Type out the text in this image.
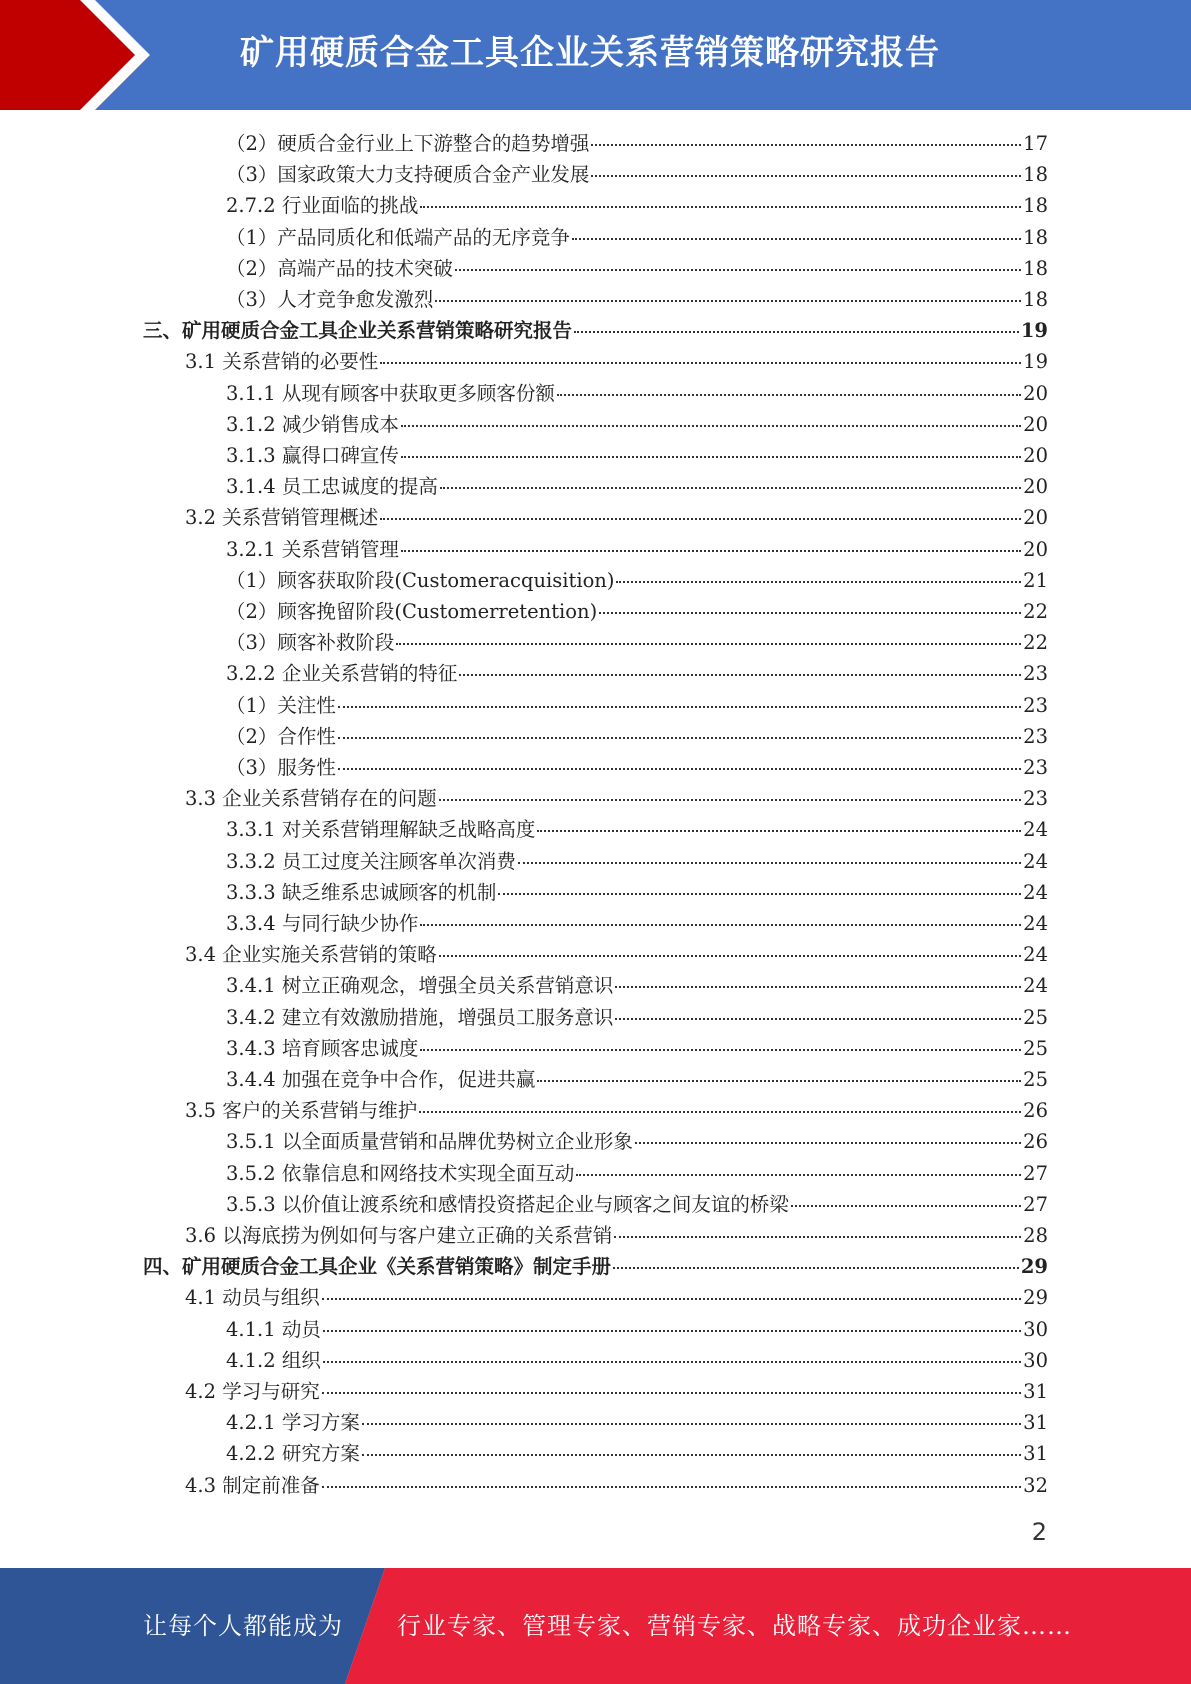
矿用硬质合金工具企业关系营销策略研究报告
（2）硬质合金行业上下游整合的趋势增强	17
（3）国家政策大力支持硬质合金产业发展	18
2.7.2 行业面临的挑战	18
（1）产品同质化和低端产品的无序竞争	18
（2）高端产品的技术突破	18
（3）人才竞争愈发激烈	18
三、矿用硬质合金工具企业关系营销策略研究报告	19
3.1 关系营销的必要性	19
3.1.1 从现有顾客中获取更多顾客份额	20
3.1.2 减少销售成本	20
3.1.3 赢得口碑宣传	20
3.1.4 员工忠诚度的提高	20
3.2 关系营销管理概述	20
3.2.1 关系营销管理	20
（1）顾客获取阶段(Customeracquisition)	21
（2）顾客挽留阶段(Customerretention)	22
（3）顾客补救阶段	22
3.2.2 企业关系营销的特征	23
（1）关注性	23
（2）合作性	23
（3）服务性	23
3.3 企业关系营销存在的问题	23
3.3.1 对关系营销理解缺乏战略高度	24
3.3.2 员工过度关注顾客单次消费	24
3.3.3 缺乏维系忠诚顾客的机制	24
3.3.4 与同行缺少协作	24
3.4 企业实施关系营销的策略	24
3.4.1 树立正确观念，增强全员关系营销意识	24
3.4.2 建立有效激励措施，增强员工服务意识	25
3.4.3 培育顾客忠诚度	25
3.4.4 加强在竞争中合作，促进共赢	25
3.5 客户的关系营销与维护	26
3.5.1 以全面质量营销和品牌优势树立企业形象	26
3.5.2 依靠信息和网络技术实现全面互动	27
3.5.3 以价值让渡系统和感情投资搭起企业与顾客之间友谊的桥梁	27
3.6 以海底捞为例如何与客户建立正确的关系营销	28
四、矿用硬质合金工具企业《关系营销策略》制定手册	29
4.1 动员与组织	29
4.1.1 动员	30
4.1.2 组织	30
4.2 学习与研究	31
4.2.1 学习方案	31
4.2.2 研究方案	31
4.3 制定前准备	32
2
让每个人都能成为 行业专家、管理专家、营销专家、战略专家、成功企业家……
